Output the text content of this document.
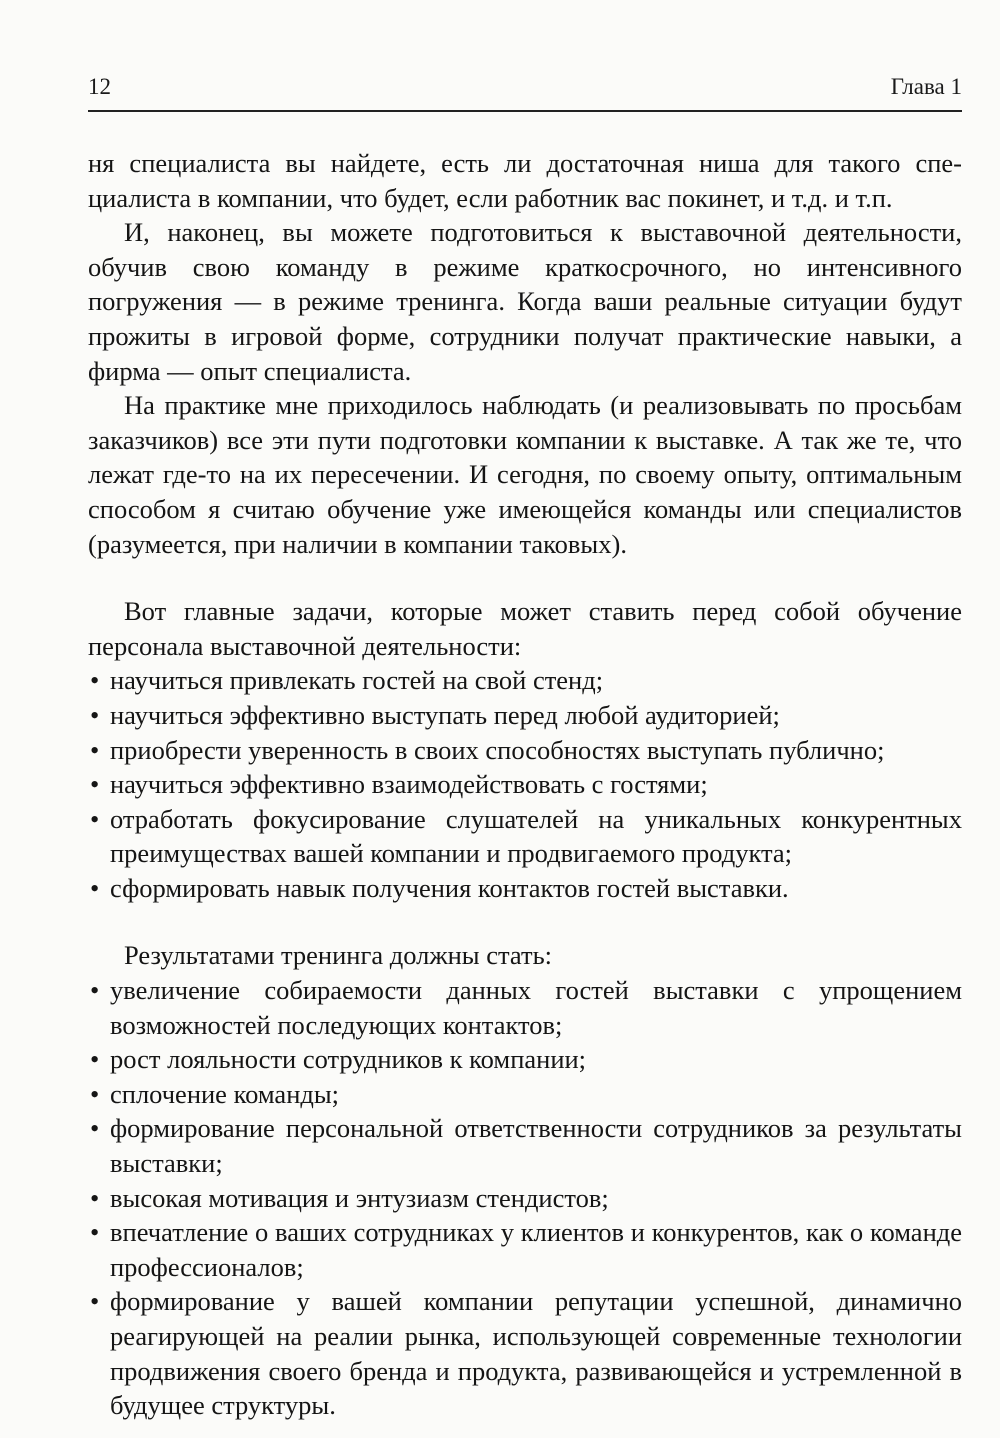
12	Глава 1

ня специалиста вы найдете, есть ли достаточная ниша для такого специалиста в компании, что будет, если работник вас покинет, и т.д. и т.п.

И, наконец, вы можете подготовиться к выставочной деятельности, обучив свою команду в режиме краткосрочного, но интенсивного погружения — в режиме тренинга. Когда ваши реальные ситуации будут прожиты в игровой форме, сотрудники получат практические навыки, а фирма — опыт специалиста.

На практике мне приходилось наблюдать (и реализовывать по просьбам заказчиков) все эти пути подготовки компании к выставке. А так же те, что лежат где-то на их пересечении. И сегодня, по своему опыту, оптимальным способом я считаю обучение уже имеющейся команды или специалистов (разумеется, при наличии в компании таковых).

Вот главные задачи, которые может ставить перед собой обучение персонала выставочной деятельности:

• научиться привлекать гостей на свой стенд;
• научиться эффективно выступать перед любой аудиторией;
• приобрести уверенность в своих способностях выступать публично;
• научиться эффективно взаимодействовать с гостями;
• отработать фокусирование слушателей на уникальных конкурентных преимуществах вашей компании и продвигаемого продукта;
• сформировать навык получения контактов гостей выставки.

Результатами тренинга должны стать:

• увеличение собираемости данных гостей выставки с упрощением возможностей последующих контактов;
• рост лояльности сотрудников к компании;
• сплочение команды;
• формирование персональной ответственности сотрудников за результаты выставки;
• высокая мотивация и энтузиазм стендистов;
• впечатление о ваших сотрудниках у клиентов и конкурентов, как о команде профессионалов;
• формирование у вашей компании репутации успешной, динамично реагирующей на реалии рынка, использующей современные технологии продвижения своего бренда и продукта, развивающейся и устремленной в будущее структуры.
